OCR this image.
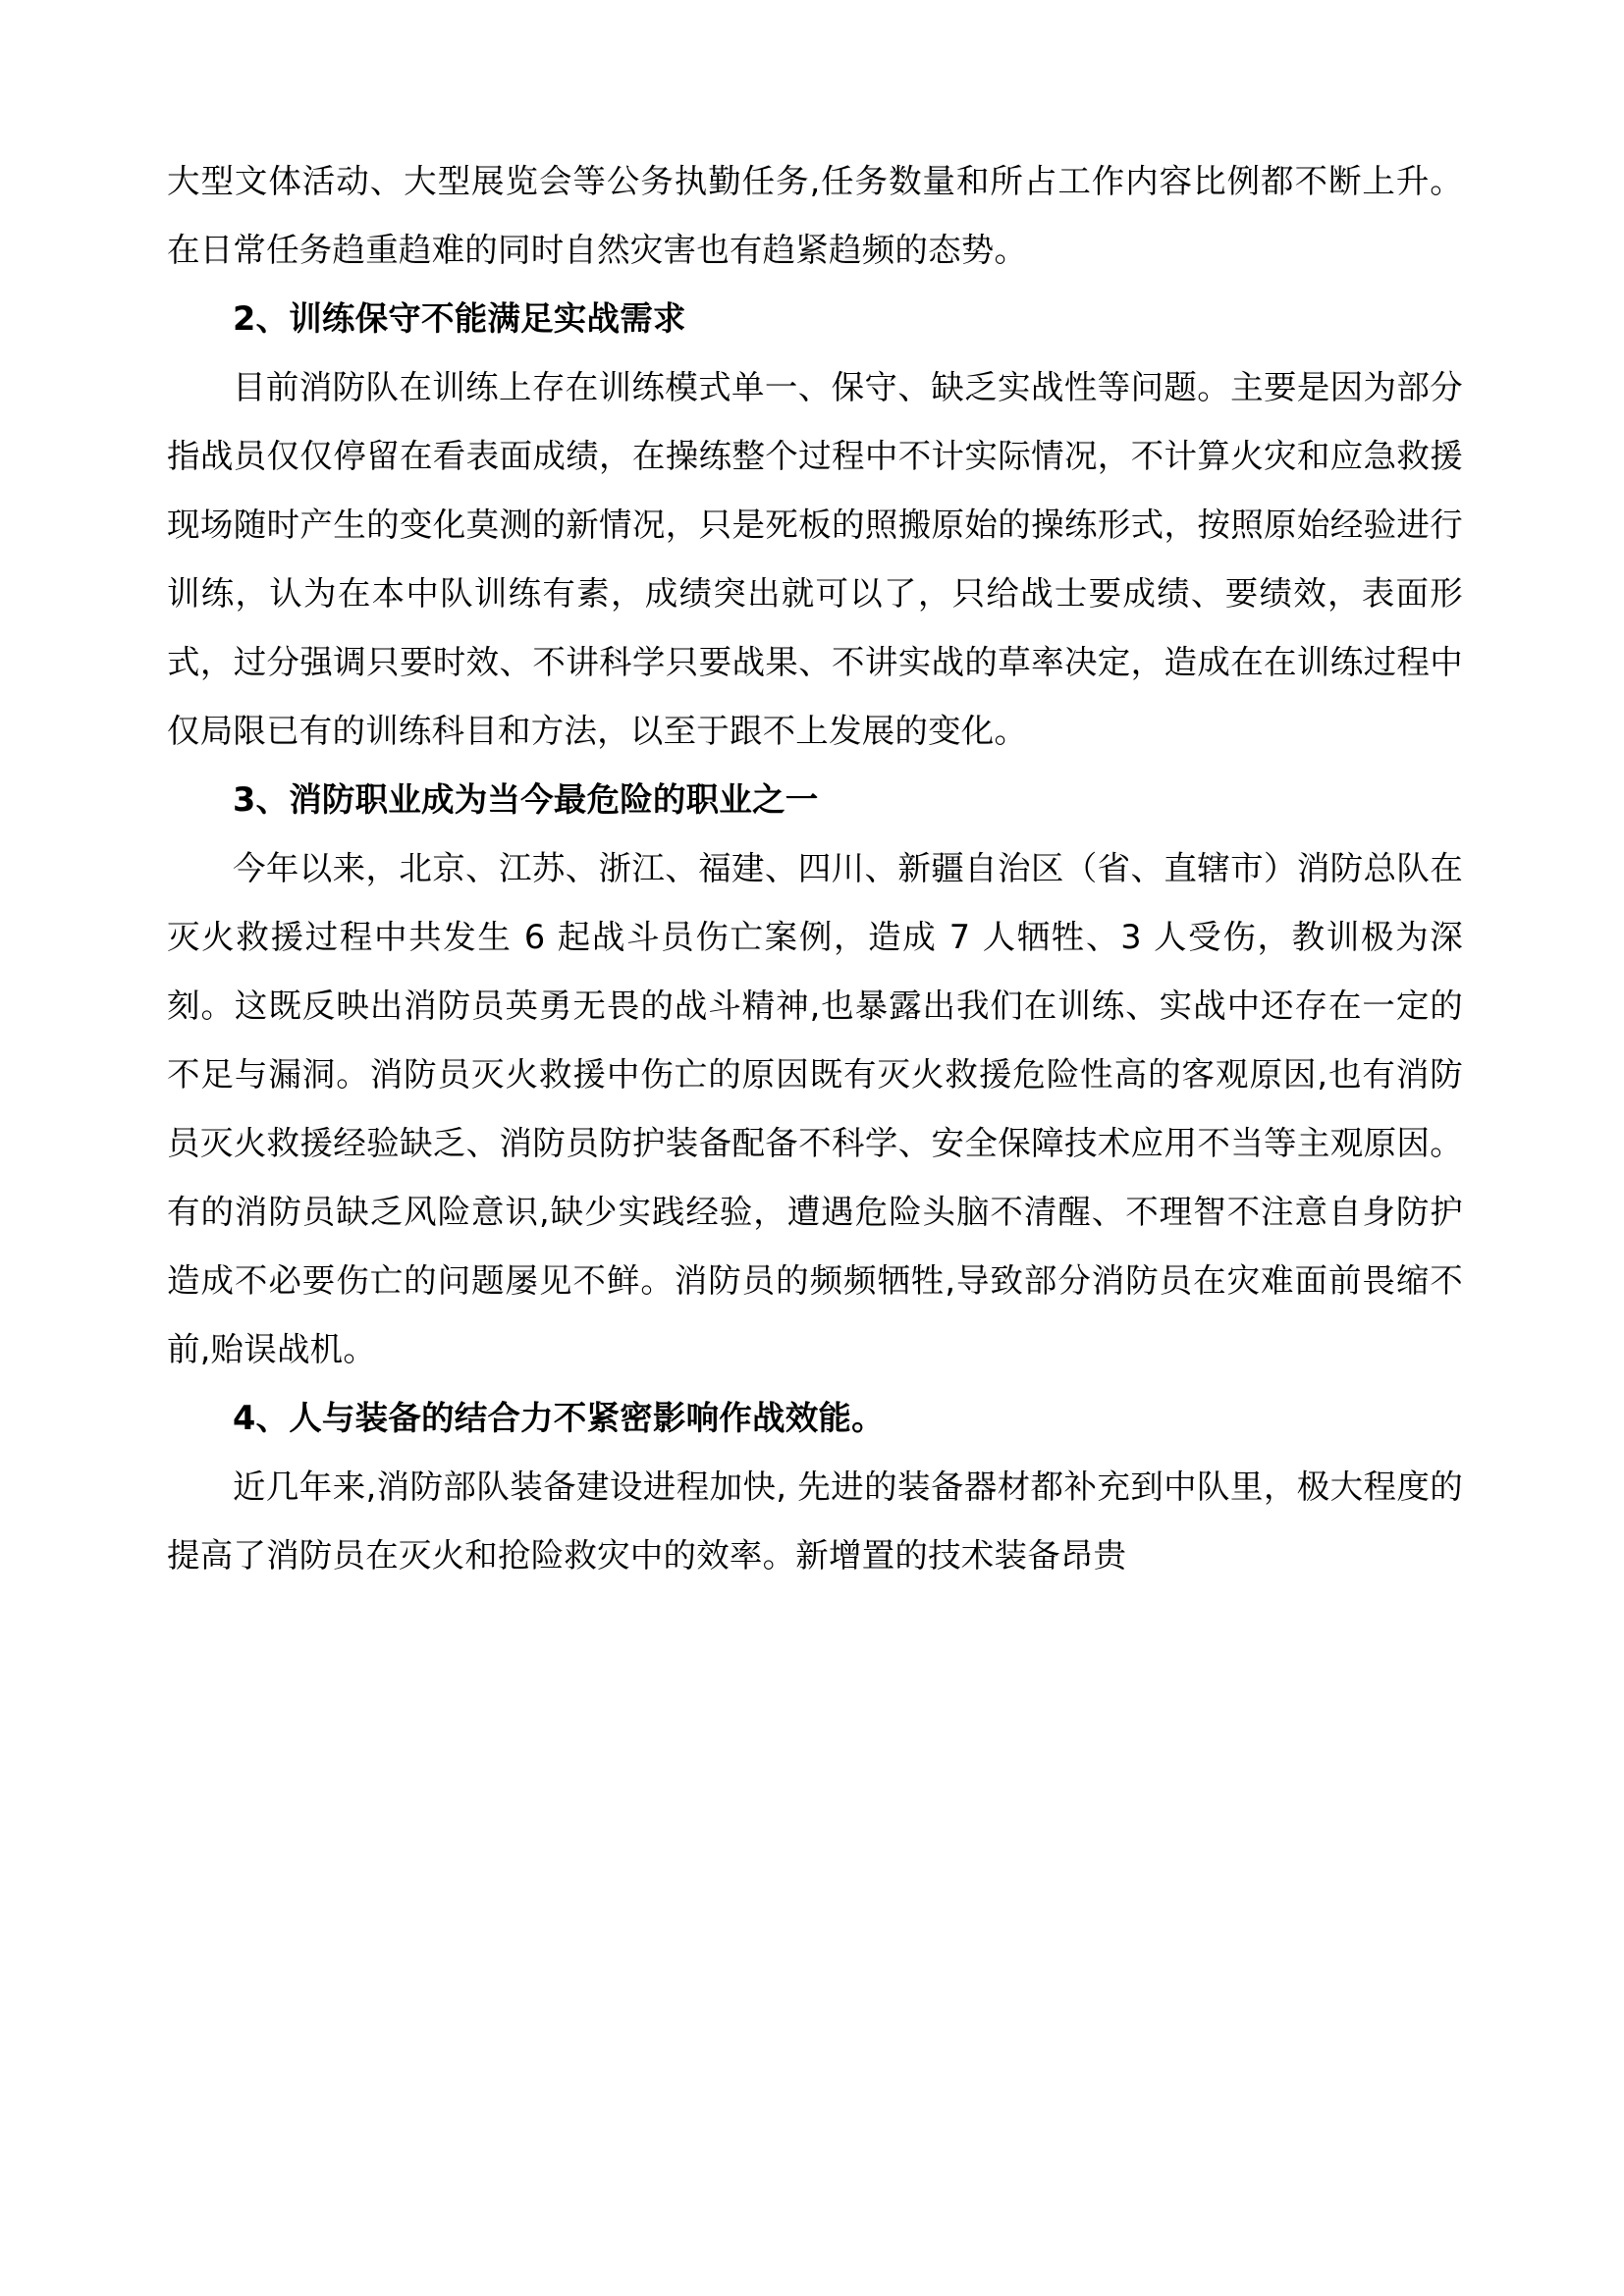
大型文体活动、大型展览会等公务执勤任务,任务数量和所占工作内容比例都不断上升。在日常任务趋重趋难的同时自然灾害也有趋紧趋频的态势。

2、训练保守不能满足实战需求

目前消防队在训练上存在训练模式单一、保守、缺乏实战性等问题。主要是因为部分指战员仅仅停留在看表面成绩，在操练整个过程中不计实际情况，不计算火灾和应急救援现场随时产生的变化莫测的新情况，只是死板的照搬原始的操练形式，按照原始经验进行训练，认为在本中队训练有素，成绩突出就可以了，只给战士要成绩、要绩效，表面形式，过分强调只要时效、不讲科学只要战果、不讲实战的草率决定，造成在在训练过程中仅局限已有的训练科目和方法，以至于跟不上发展的变化。

3、消防职业成为当今最危险的职业之一

今年以来，北京、江苏、浙江、福建、四川、新疆自治区（省、直辖市）消防总队在灭火救援过程中共发生 6 起战斗员伤亡案例，造成 7 人牺牲、3 人受伤，教训极为深刻。这既反映出消防员英勇无畏的战斗精神,也暴露出我们在训练、实战中还存在一定的不足与漏洞。消防员灭火救援中伤亡的原因既有灭火救援危险性高的客观原因,也有消防员灭火救援经验缺乏、消防员防护装备配备不科学、安全保障技术应用不当等主观原因。有的消防员缺乏风险意识,缺少实践经验，遭遇危险头脑不清醒、不理智不注意自身防护造成不必要伤亡的问题屡见不鲜。消防员的频频牺牲,导致部分消防员在灾难面前畏缩不前,贻误战机。

4、人与装备的结合力不紧密影响作战效能。

近几年来,消防部队装备建设进程加快, 先进的装备器材都补充到中队里，极大程度的提高了消防员在灭火和抢险救灾中的效率。新增置的技术装备昂贵
